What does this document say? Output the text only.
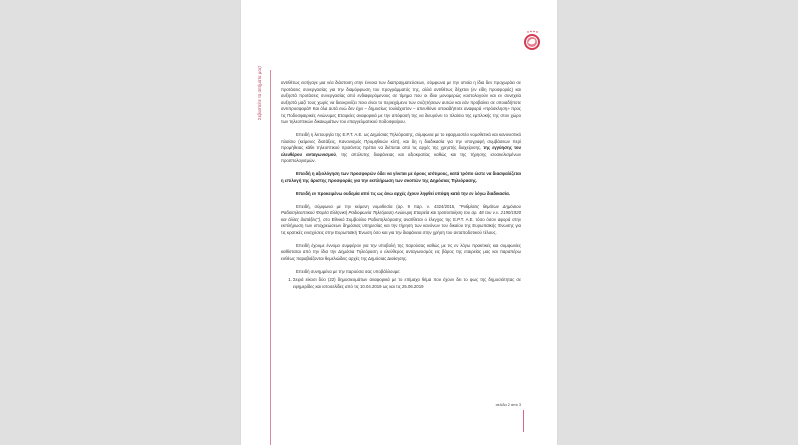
Σεβαστείτε τα αιτήματα μας!	αντιθέτως εισήγαγε μια νέα διάσταση στην έννοια των διαπραγματεύσεων, σύμφωνα με την οποία η ίδια δεν προχωράει σε προτάσεις συνεργασίας για την διαμόρφωση του προγράμματός της, αλλά αντιθέτως δέχεται (εν είδη προσφοράς) και αυξηστά προτάσεις συνεργασίας από ενδιαφερόμενους σε τίμημα που οι ίδιοι μονομερώς κοστολογούν και εν συνεχεία αυξηστά μαζί τους χωρίς να διευκρινίζει ποιο είναι το περιεχόμενο των συζητήσεων αυτών και εάν προβαίνει σε οποιαδήποτε αντιπροσφορά!! Και όλα αυτά ενώ δεν έχει – δημοσίως τουλάχιστον – απευθύνει οποιαδήποτε αναφορά «πρόσκληση» προς τις Ποδοσφαιρικές Ανώνυμες Εταιρείες αναφορικά με την απόφασή της να διευρύνει το πλαίσιο της εμπλοκής της στον χώρο των τηλεοπτικών δικαιωμάτων του επαγγελματικού ποδοσφαίρου.

Επειδή η λειτουργία της Ε.Ρ.Τ. Α.Ε. ως Δημόσιας Τηλεόρασης, σύμφωνα με το εφαρμοστέο νομοθετικό και κανονιστικό πλαίσιο (κείμενες διατάξεις, Κανονισμός Προμηθειών κλπ), και δη η διαδικασία για την υπογραφή συμβάσεων περί προμήθειας κάθε τηλεοπτικού προϊόντος πρέπει να διέπεται από τις αρχές της χρηστής διαχείρισης, της εγγύησης του ελευθέρου ανταγωνισμού, της απόλυτης διαφάνειας και αξιοκρατίας καθώς και της τήρησης ισοσκελισμένων προϋπολογισμών.

Επειδή η αξιολόγηση των προσφορών όδει να γίνεται με όρους ισότιμους, κατά τρόπο ώστε να διασφαλίζεται η επιλογή της άριστης προσφοράς για την εκπλήρωση των σκοπών της Δημόσιας Τηλεόρασης.

Επειδή εν προκειμένω ουδεμία από τις ως άνω αρχές έχουν ληφθεί υπόψη κατά την εν λόγω διαδικασία.

Επειδή, σύμφωνα με την κείμενη νομοθεσία (αρ. 9 παρ. ν. 4324/2015, "Ρυθμίσεις θεμάτων Δημόσιου Ραδιοτηλεοπτικού Φορέα Ελληνική Ραδιοφωνία Τηλεόραση Ανώνυμη Εταιρεία και τροποποίηση του αρ. 48 του ν.ν. 2190/1920 και άλλες διατάξεις"), στο Εθνικό Συμβούλιο Ραδιοτηλεόρασης ανατίθεται ο έλεγχος της Ε.Ρ.Τ. Α.Ε. τόσο όσον αφορά στην εκπλήρωση των υποχρεώσεων δημόσιας υπηρεσίας και την τήρηση των κανόνων του δικαίου της Ευρωπαϊκής Ένωσης για τις κρατικές ενισχύσεις στην Ευρωπαϊκή Ένωση όσο και για την διαφάνεια στην χρήση του ανταποδοτικού τέλους.

Επειδή έχουμε έννομο συμφέρον για την υποβολή της παρούσας καθώς με τις εν λόγω πρακτικές και συμφωνίες καθίσταται από την ίδια την Δημόσια Τηλεόραση ο ελεύθερος ανταγωνισμός εις βάρος της εταιρείας μας και παραπέρω ευθέως παραβιάζονται θεμελιώδεις αρχές της Δημόσιας Διοίκησης.

Επειδή συνημμένα με την παρούσα σας υποβάλλουμε:

1. Σειρά είκοσι δύο (22) δημοσιευμάτων αναφορικά με το επίμαχο θέμα που έχουν δει το φως της δημοσιότητας σε εφημερίδες και ιστοσελίδες από τις 10.04.2019 ως και τις 25.06.2019
σελίδα 2 από 3
